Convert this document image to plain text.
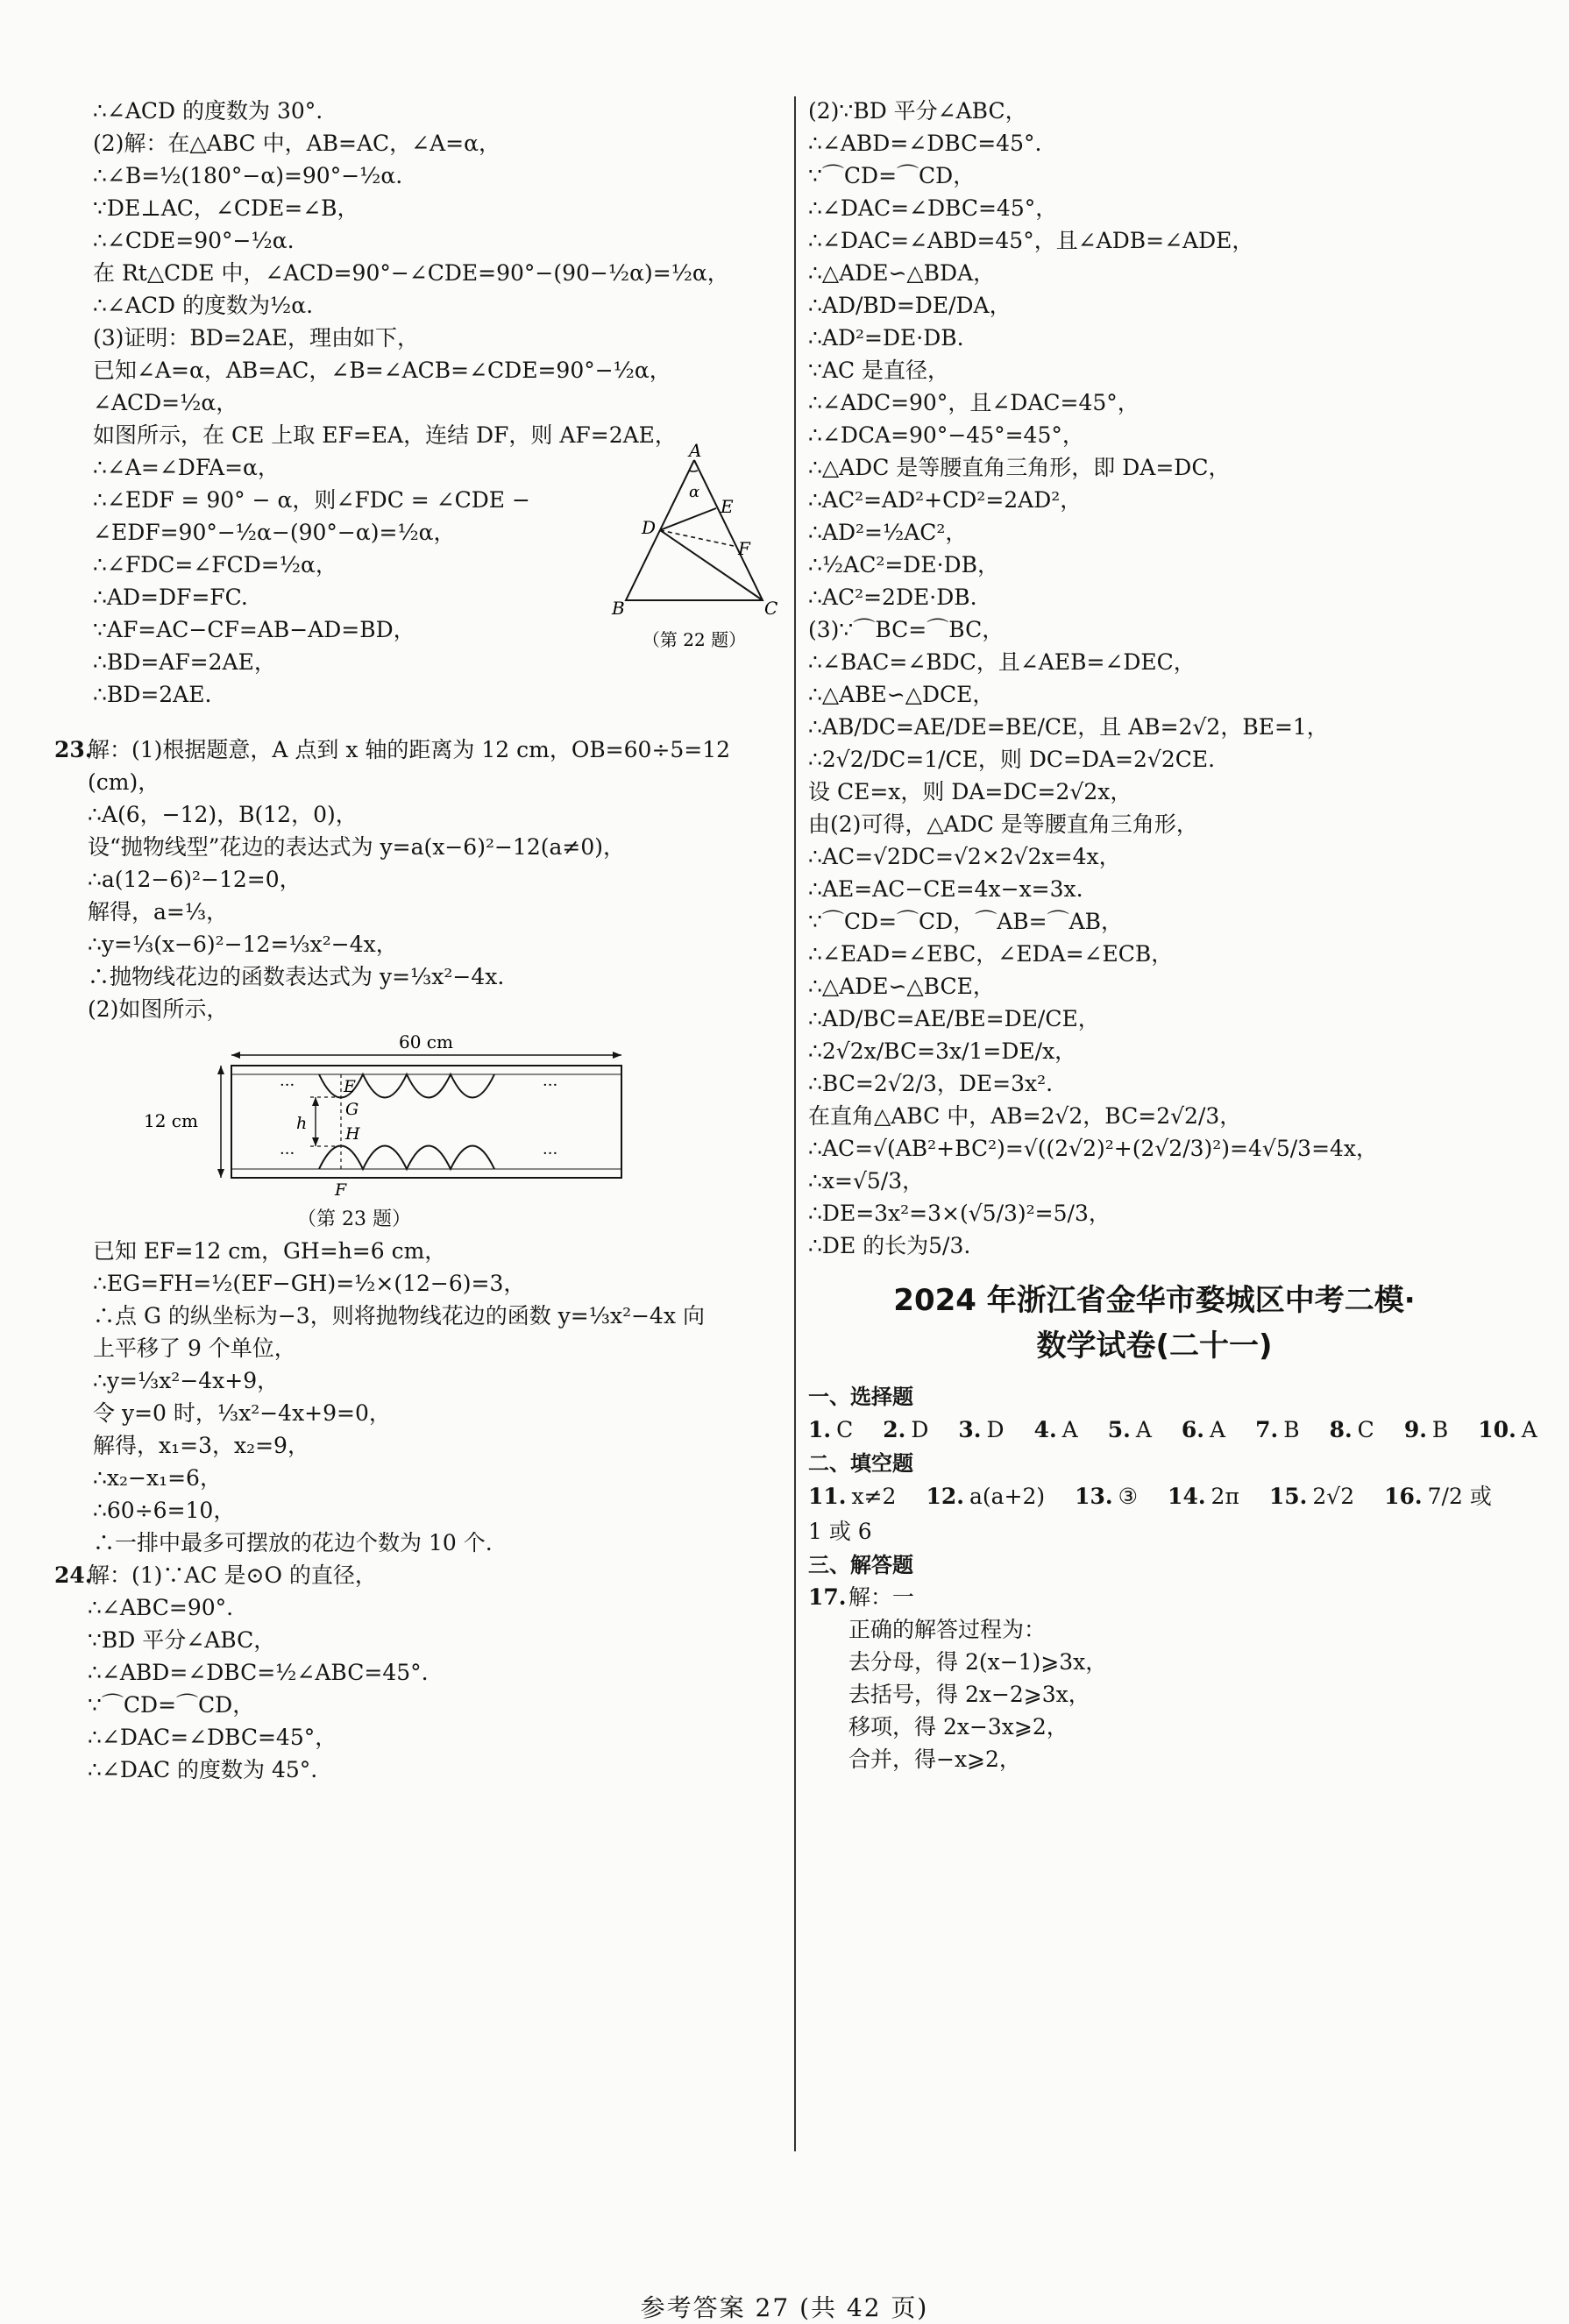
∴∠ACD 的度数为 30°.
(2)解：在△ABC 中，AB=AC，∠A=α，
∴∠B=½(180°−α)=90°−½α.
∵DE⊥AC，∠CDE=∠B，
∴∠CDE=90°−½α.
在 Rt△CDE 中，∠ACD=90°−∠CDE=90°−(90−½α)=½α，
∴∠ACD 的度数为½α.
(3)证明：BD=2AE，理由如下，
已知∠A=α，AB=AC，∠B=∠ACB=∠CDE=90°−½α，
∠ACD=½α，
如图所示，在 CE 上取 EF=EA，连结 DF，则 AF=2AE，
∴∠A=∠DFA=α，
∴∠EDF = 90° − α，则∠FDC = ∠CDE −
∠EDF=90°−½α−(90°−α)=½α，
∴∠FDC=∠FCD=½α，
∴AD=DF=FC.
∵AF=AC−CF=AB−AD=BD，
∴BD=AF=2AE，
∴BD=2AE.
A
E
D
F
B	C
α
（第 22 题）
23.
解：(1)根据题意，A 点到 x 轴的距离为 12 cm，OB=60÷5=12
(cm)，
∴A(6，−12)，B(12，0)，
设“抛物线型”花边的表达式为 y=a(x−6)²−12(a≠0)，
∴a(12−6)²−12=0，
解得，a=⅓，
∴y=⅓(x−6)²−12=⅓x²−4x，
∴抛物线花边的函数表达式为 y=⅓x²−4x.
(2)如图所示，
60 cm
12 cm
E
G
h
H
F
···
···
···
···
（第 23 题）
已知 EF=12 cm，GH=h=6 cm，
∴EG=FH=½(EF−GH)=½×(12−6)=3，
∴点 G 的纵坐标为−3，则将抛物线花边的函数 y=⅓x²−4x 向
上平移了 9 个单位，
∴y=⅓x²−4x+9，
令 y=0 时，⅓x²−4x+9=0，
解得，x₁=3，x₂=9，
∴x₂−x₁=6，
∴60÷6=10，
∴一排中最多可摆放的花边个数为 10 个.
24.
解：(1)∵AC 是⊙O 的直径，
∴∠ABC=90°.
∵BD 平分∠ABC，
∴∠ABD=∠DBC=½∠ABC=45°.
∵⌒CD=⌒CD，
∴∠DAC=∠DBC=45°，
∴∠DAC 的度数为 45°.
(2)∵BD 平分∠ABC，
∴∠ABD=∠DBC=45°.
∵⌒CD=⌒CD，
∴∠DAC=∠DBC=45°，
∴∠DAC=∠ABD=45°，且∠ADB=∠ADE，
∴△ADE∽△BDA，
∴AD/BD=DE/DA，
∴AD²=DE·DB.
∵AC 是直径，
∴∠ADC=90°，且∠DAC=45°，
∴∠DCA=90°−45°=45°，
∴△ADC 是等腰直角三角形，即 DA=DC，
∴AC²=AD²+CD²=2AD²，
∴AD²=½AC²，
∴½AC²=DE·DB，
∴AC²=2DE·DB.
(3)∵⌒BC=⌒BC，
∴∠BAC=∠BDC，且∠AEB=∠DEC，
∴△ABE∽△DCE，
∴AB/DC=AE/DE=BE/CE，且 AB=2√2，BE=1，
∴2√2/DC=1/CE，则 DC=DA=2√2CE.
设 CE=x，则 DA=DC=2√2x，
由(2)可得，△ADC 是等腰直角三角形，
∴AC=√2DC=√2×2√2x=4x，
∴AE=AC−CE=4x−x=3x.
∵⌒CD=⌒CD，⌒AB=⌒AB，
∴∠EAD=∠EBC，∠EDA=∠ECB，
∴△ADE∽△BCE，
∴AD/BC=AE/BE=DE/CE，
∴2√2x/BC=3x/1=DE/x，
∴BC=2√2/3，DE=3x².
在直角△ABC 中，AB=2√2，BC=2√2/3，
∴AC=√(AB²+BC²)=√((2√2)²+(2√2/3)²)=4√5/3=4x，
∴x=√5/3，
∴DE=3x²=3×(√5/3)²=5/3，
∴DE 的长为5/3.
2024 年浙江省金华市婺城区中考二模·
数学试卷(二十一)
一、选择题
1. C 2. D 3. D 4. A 5. A 6. A 7. B 8. C 9. B 10. A
二、填空题
11. x≠2 12. a(a+2) 13. ③ 14. 2π 15. 2√2 16. 7/2 或 1 或 6
三、解答题
17. 解：一
正确的解答过程为：
去分母，得 2(x−1)⩾3x，
去括号，得 2x−2⩾3x，
移项，得 2x−3x⩾2，
合并，得−x⩾2，
参考答案 27 (共 42 页)
